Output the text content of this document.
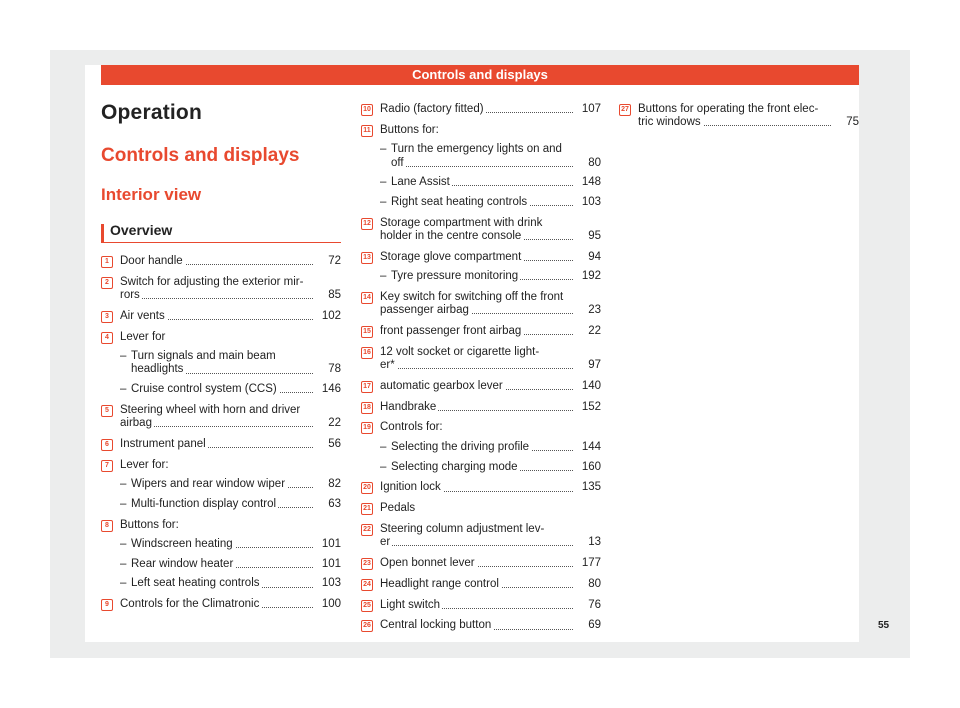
Controls and displays
Operation
Controls and displays
Interior view
Overview
1 Door handle	72
2 Switch for adjusting the exterior mir-
rors	85
3 Air vents	102
4 Lever for
– Turn signals and main beam
headlights	78
– Cruise control system (CCS)	146
5 Steering wheel with horn and driver
airbag	22
6 Instrument panel	56
7 Lever for:
– Wipers and rear window wiper	82
– Multi-function display control	63
8 Buttons for:
– Windscreen heating	101
– Rear window heater	101
– Left seat heating controls	103
9 Controls for the Climatronic	100
10 Radio (factory fitted)	107
11 Buttons for:
– Turn the emergency lights on and
off	80
– Lane Assist	148
– Right seat heating controls	103
12 Storage compartment with drink
holder in the centre console	95
13 Storage glove compartment	94
– Tyre pressure monitoring	192
14 Key switch for switching off the front
passenger airbag	23
15 front passenger front airbag	22
16 12 volt socket or cigarette light-
er*	97
17 automatic gearbox lever	140
18 Handbrake	152
19 Controls for:
– Selecting the driving profile	144
– Selecting charging mode	160
20 Ignition lock	135
21 Pedals
22 Steering column adjustment lev-
er	13
23 Open bonnet lever	177
24 Headlight range control	80
25 Light switch	76
26 Central locking button	69
27 Buttons for operating the front elec-
tric windows	75
55
